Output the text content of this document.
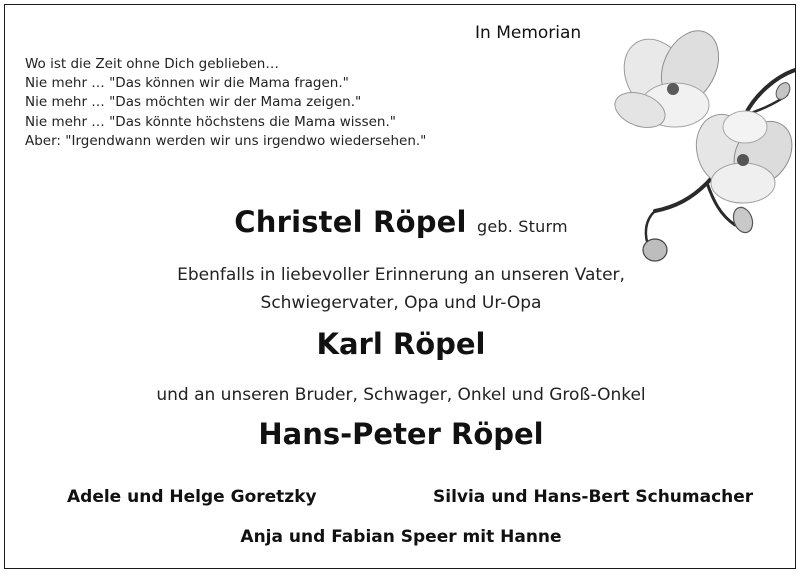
In Memorian
Wo ist die Zeit ohne Dich geblieben…
Nie mehr … "Das können wir die Mama fragen."
Nie mehr … "Das möchten wir der Mama zeigen."
Nie mehr … "Das könnte höchstens die Mama wissen."
Aber: "Irgendwann werden wir uns irgendwo wiedersehen."
Christel Röpel geb. Sturm
Ebenfalls in liebevoller Erinnerung an unseren Vater,
Schwiegervater, Opa und Ur-Opa
Karl Röpel
und an unseren Bruder, Schwager, Onkel und Groß-Onkel
Hans-Peter Röpel
Adele und Helge Goretzky	Silvia und Hans-Bert Schumacher
Anja und Fabian Speer mit Hanne
